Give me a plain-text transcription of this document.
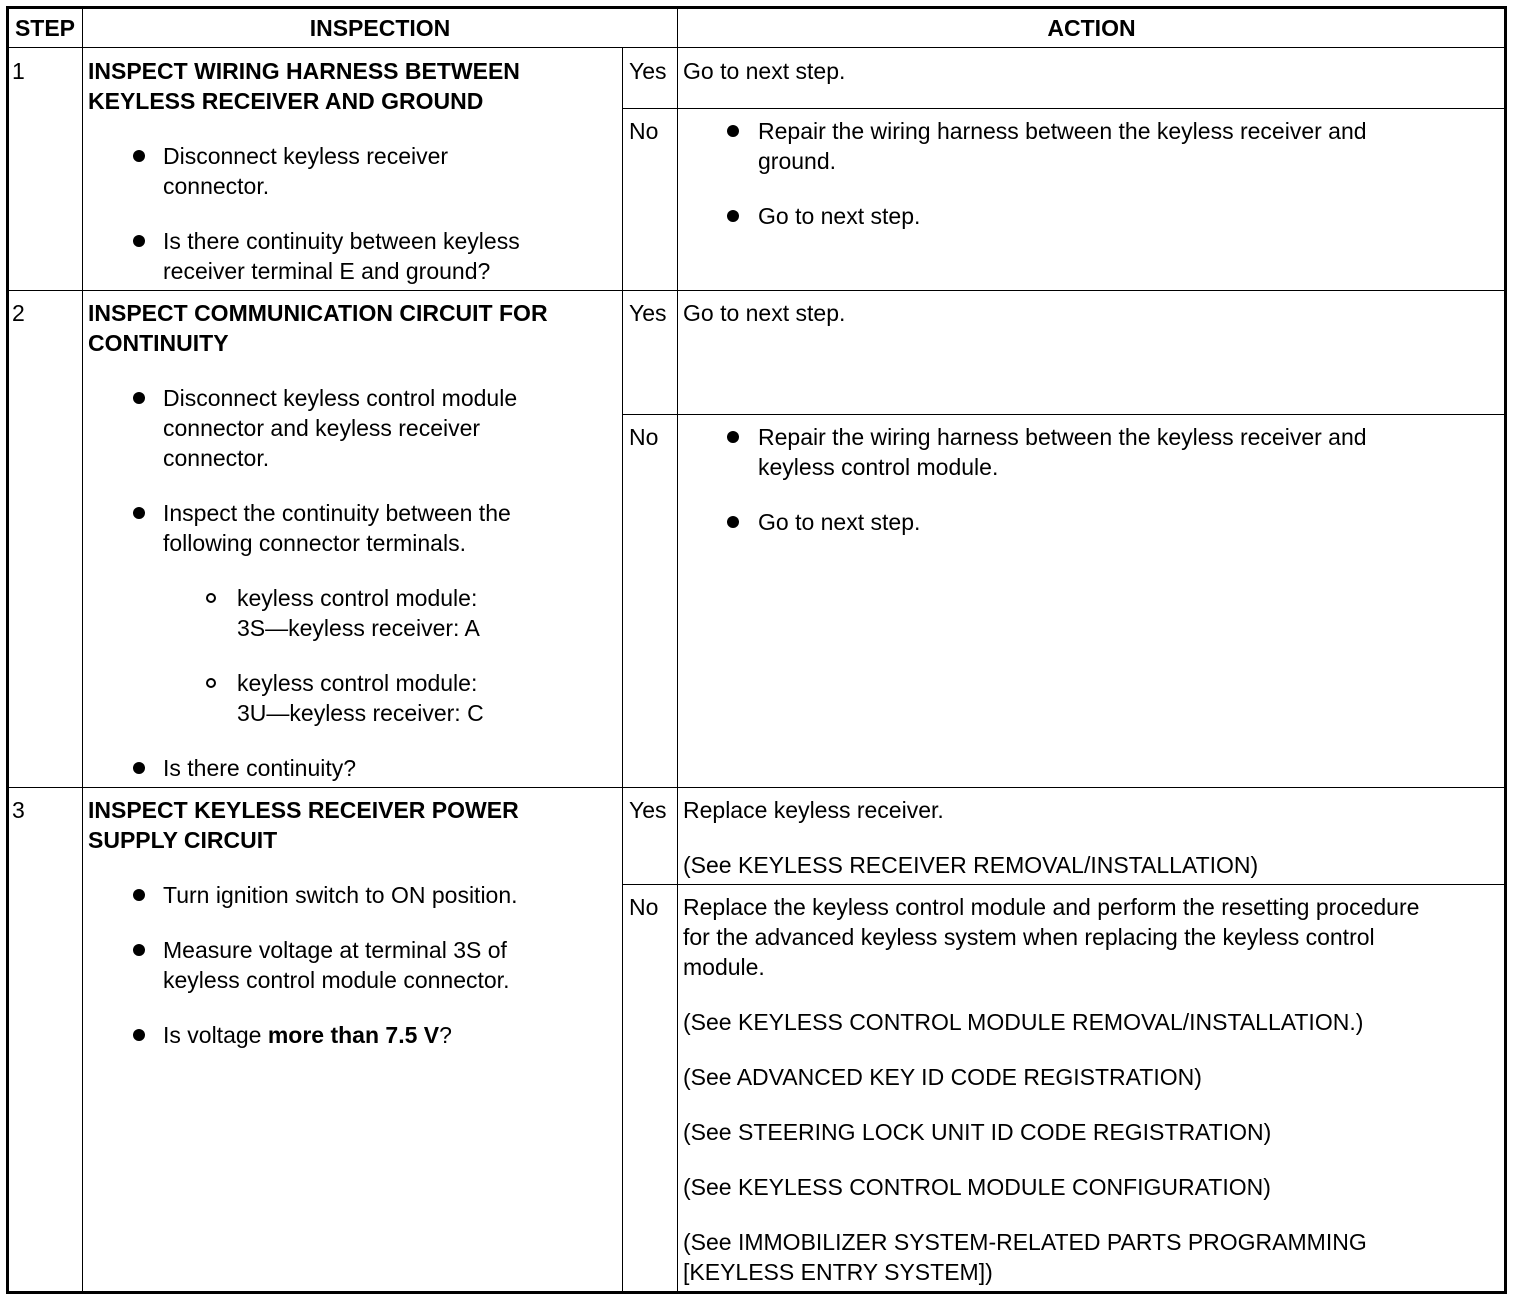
STEP	INSPECTION	ACTION
1	INSPECT WIRING HARNESS BETWEEN
KEYLESS RECEIVER AND GROUND
Disconnect keyless receiver
connector.
Is there continuity between keyless
receiver terminal E and ground?
Yes Go to next step.
No	Repair the wiring harness between the keyless receiver and
ground.
Go to next step.
2	INSPECT COMMUNICATION CIRCUIT FOR
CONTINUITY
Disconnect keyless control module
connector and keyless receiver
connector.
Inspect the continuity between the
following connector terminals.
keyless control module:
3S—keyless receiver: A
keyless control module:
3U—keyless receiver: C
Is there continuity?
Yes Go to next step.
No	Repair the wiring harness between the keyless receiver and
keyless control module.
Go to next step.
3	INSPECT KEYLESS RECEIVER POWER
SUPPLY CIRCUIT
Turn ignition switch to ON position.
Measure voltage at terminal 3S of
keyless control module connector.
Is voltage more than 7.5 V?
Yes Replace keyless receiver.
(See KEYLESS RECEIVER REMOVAL/INSTALLATION)
No Replace the keyless control module and perform the resetting procedure
for the advanced keyless system when replacing the keyless control
module.
(See KEYLESS CONTROL MODULE REMOVAL/INSTALLATION.)
(See ADVANCED KEY ID CODE REGISTRATION)
(See STEERING LOCK UNIT ID CODE REGISTRATION)
(See KEYLESS CONTROL MODULE CONFIGURATION)
(See IMMOBILIZER SYSTEM-RELATED PARTS PROGRAMMING
[KEYLESS ENTRY SYSTEM])
